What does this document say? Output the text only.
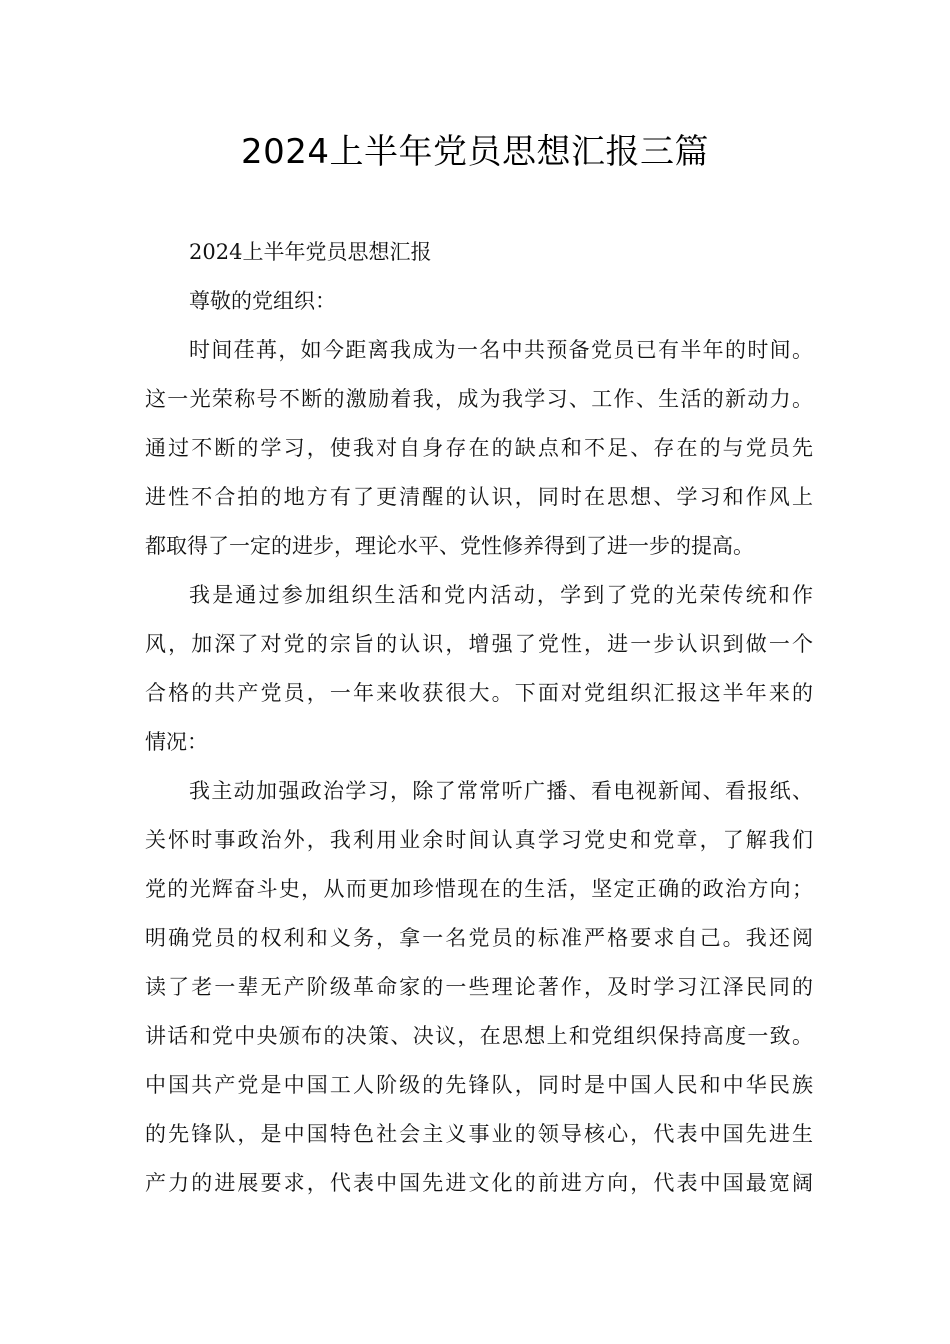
2024上半年党员思想汇报三篇
2024上半年党员思想汇报
尊敬的党组织：
时间荏苒，如今距离我成为一名中共预备党员已有半年的时间。
这一光荣称号不断的激励着我，成为我学习、工作、生活的新动力。
通过不断的学习，使我对自身存在的缺点和不足、存在的与党员先
进性不合拍的地方有了更清醒的认识，同时在思想、学习和作风上
都取得了一定的进步，理论水平、党性修养得到了进一步的提高。
我是通过参加组织生活和党内活动，学到了党的光荣传统和作
风，加深了对党的宗旨的认识，增强了党性，进一步认识到做一个
合格的共产党员，一年来收获很大。下面对党组织汇报这半年来的
情况：
我主动加强政治学习，除了常常听广播、看电视新闻、看报纸、
关怀时事政治外，我利用业余时间认真学习党史和党章，了解我们
党的光辉奋斗史，从而更加珍惜现在的生活，坚定正确的政治方向；
明确党员的权利和义务，拿一名党员的标准严格要求自己。我还阅
读了老一辈无产阶级革命家的一些理论著作，及时学习江泽民同的
讲话和党中央颁布的决策、决议，在思想上和党组织保持高度一致。
中国共产党是中国工人阶级的先锋队，同时是中国人民和中华民族
的先锋队，是中国特色社会主义事业的领导核心，代表中国先进生
产力的进展要求，代表中国先进文化的前进方向，代表中国最宽阔
